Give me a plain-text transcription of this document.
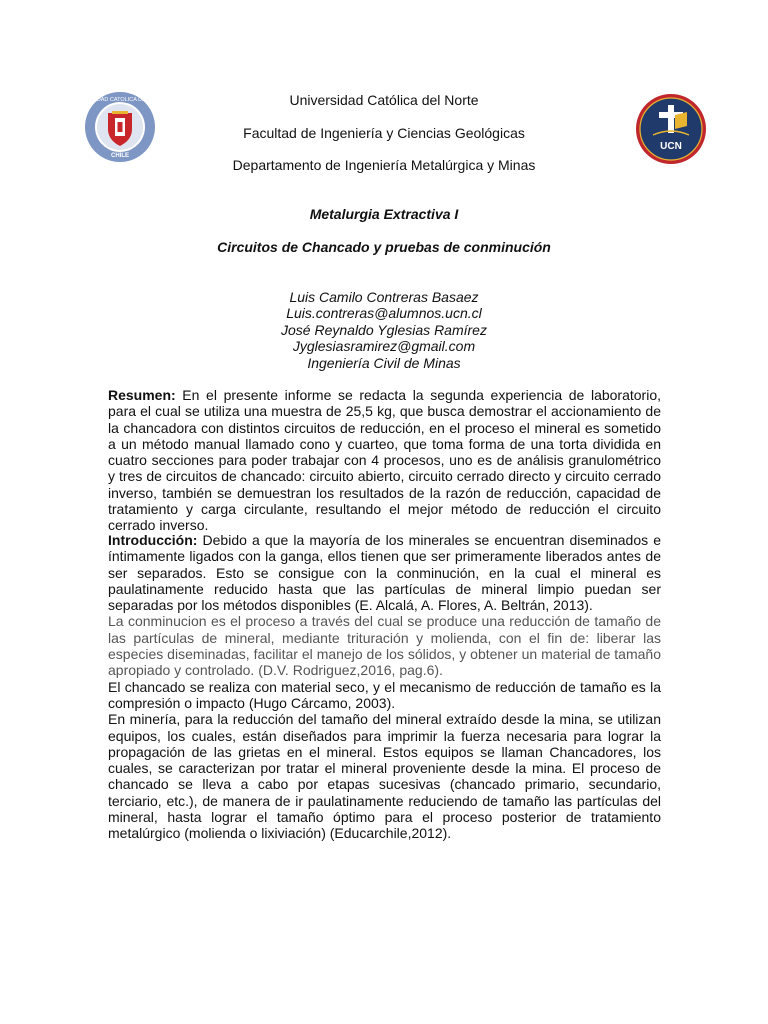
UNIVERSIDAD CATOLICA DEL NORTE
CHILE
UCN
Universidad Católica del Norte
Facultad de Ingeniería y Ciencias Geológicas
Departamento de Ingeniería Metalúrgica y Minas
Metalurgia Extractiva I
Circuitos de Chancado y pruebas de conminución
Luis Camilo Contreras Basaez
Luis.contreras@alumnos.ucn.cl
José Reynaldo Yglesias Ramírez
Jyglesiasramirez@gmail.com
Ingeniería Civil de Minas

Resumen: En el presente informe se redacta la segunda experiencia de laboratorio, para el cual se utiliza una muestra de 25,5 kg, que busca demostrar el accionamiento de la chancadora con distintos circuitos de reducción, en el proceso el mineral es sometido a un método manual llamado cono y cuarteo, que toma forma de una torta dividida en cuatro secciones para poder trabajar con 4 procesos, uno es de análisis granulométrico y tres de circuitos de chancado: circuito abierto, circuito cerrado directo y circuito cerrado inverso, también se demuestran los resultados de la razón de reducción, capacidad de tratamiento y carga circulante, resultando el mejor método de reducción el circuito cerrado inverso.

Introducción: Debido a que la mayoría de los minerales se encuentran diseminados e íntimamente ligados con la ganga, ellos tienen que ser primeramente liberados antes de ser separados. Esto se consigue con la conminución, en la cual el mineral es paulatinamente reducido hasta que las partículas de mineral limpio puedan ser separadas por los métodos disponibles (E. Alcalá, A. Flores, A. Beltrán, 2013).

La conminucion es el proceso a través del cual se produce una reducción de tamaño de las partículas de mineral, mediante trituración y molienda, con el fin de: liberar las especies diseminadas, facilitar el manejo de los sólidos, y obtener un material de tamaño apropiado y controlado. (D.V. Rodriguez,2016, pag.6).

El chancado se realiza con material seco, y el mecanismo de reducción de tamaño es la compresión o impacto (Hugo Cárcamo, 2003).

En minería, para la reducción del tamaño del mineral extraído desde la mina, se utilizan equipos, los cuales, están diseñados para imprimir la fuerza necesaria para lograr la propagación de las grietas en el mineral. Estos equipos se llaman Chancadores, los cuales, se caracterizan por tratar el mineral proveniente desde la mina. El proceso de chancado se lleva a cabo por etapas sucesivas (chancado primario, secundario, terciario, etc.), de manera de ir paulatinamente reduciendo de tamaño las partículas del mineral, hasta lograr el tamaño óptimo para el proceso posterior de tratamiento metalúrgico (molienda o lixiviación) (Educarchile,2012).
